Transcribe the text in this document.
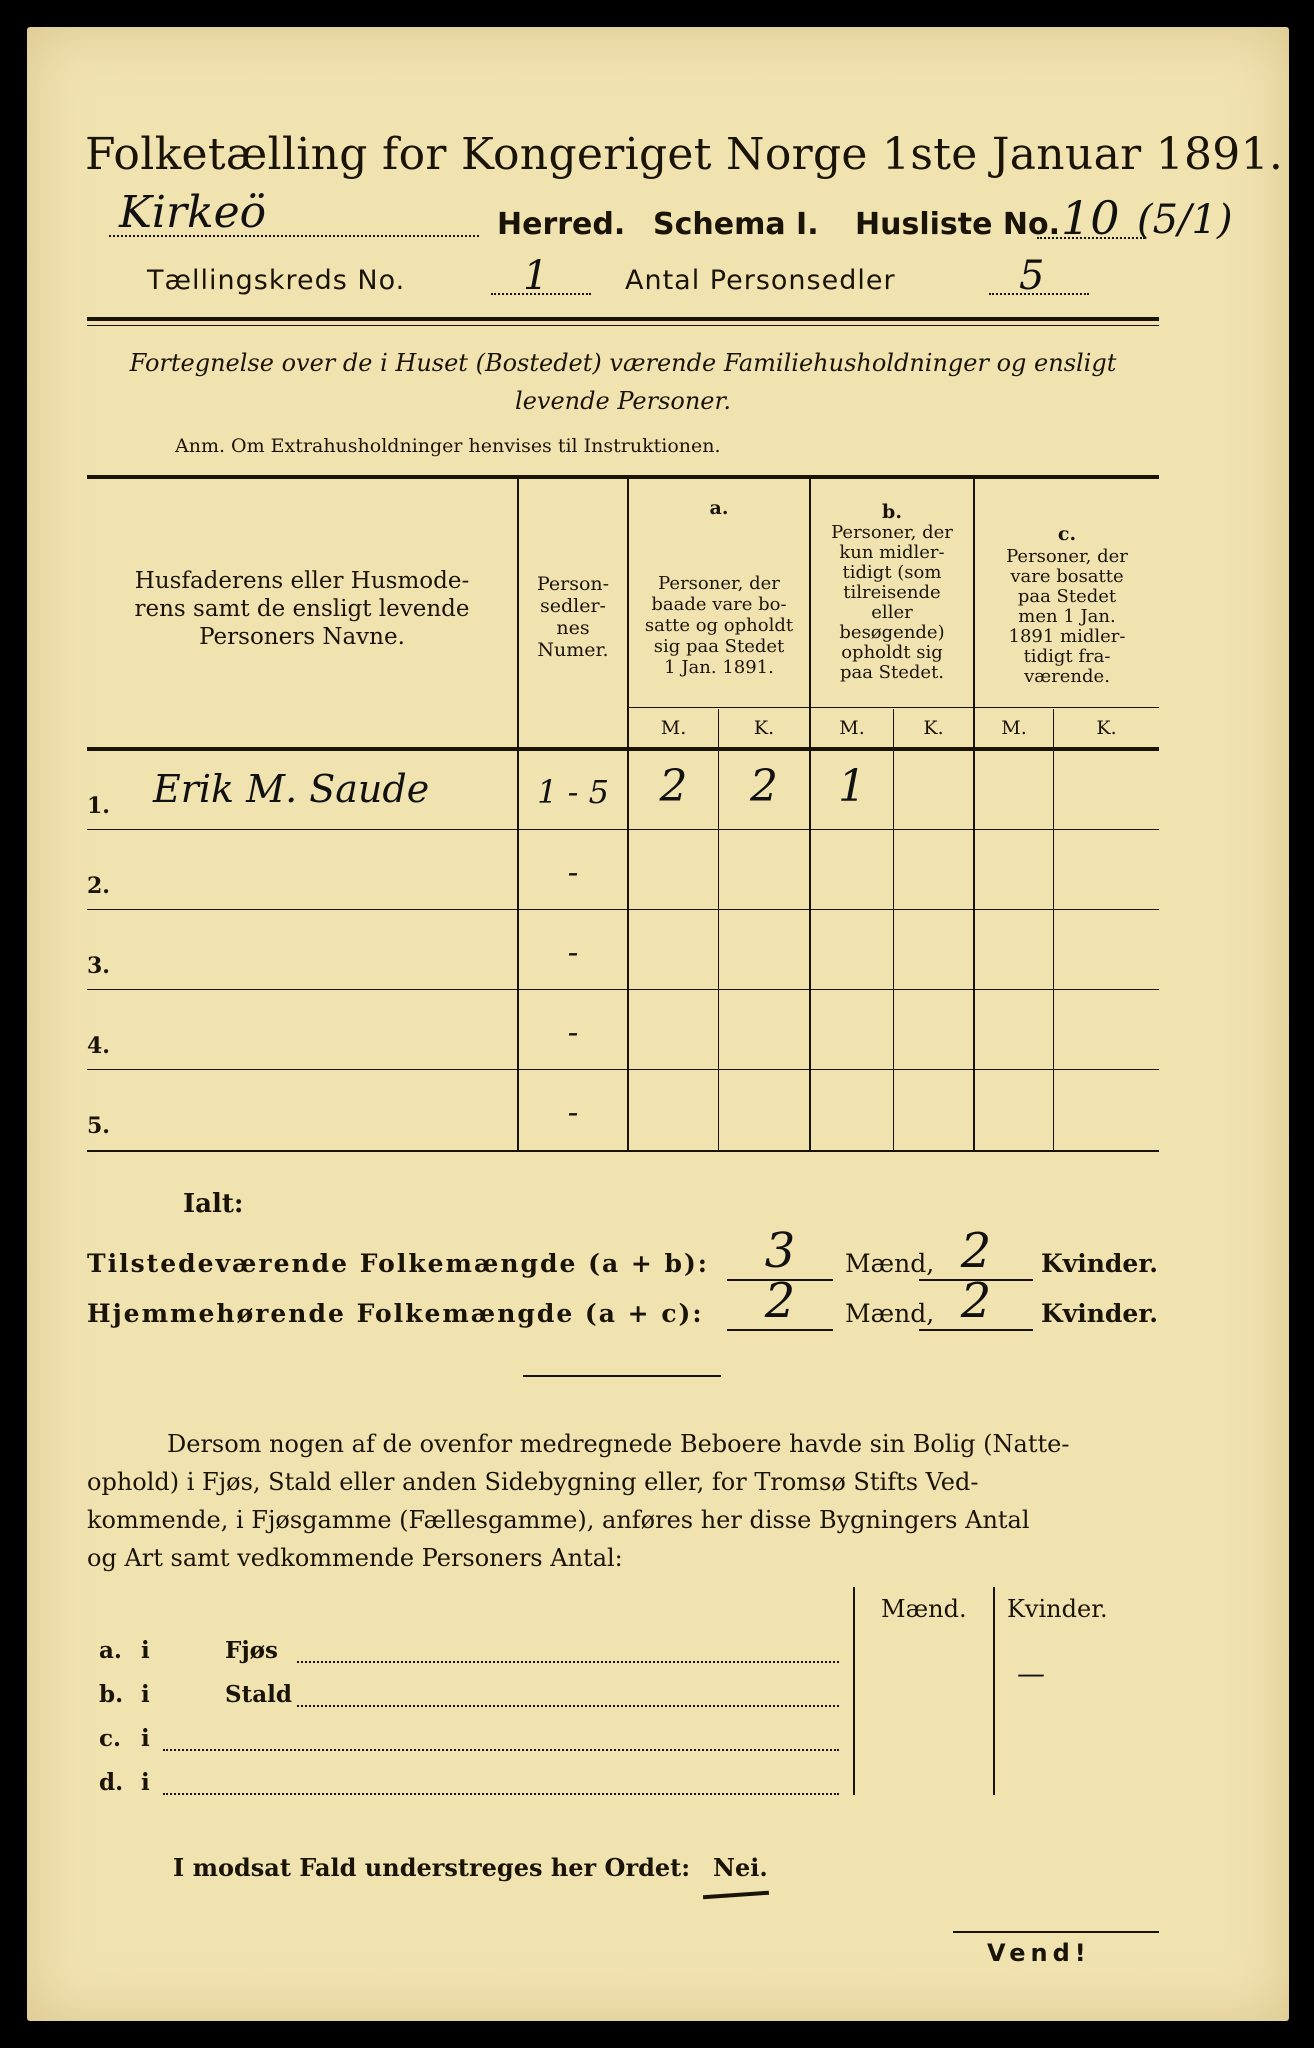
Folketælling for Kongeriget Norge 1ste Januar 1891.
Kirkeö	Herred. Schema I. Husliste No. 10 (5/1)
Tællingskreds No.	1	Antal Personsedler	5
Fortegnelse over de i Huset (Bostedet) værende Familiehusholdninger og ensligt
levende Personer.
Anm. Om Extrahusholdninger henvises til Instruktionen.
Husfaderens eller Husmode-
rens samt de ensligt levende
Personers Navne.
Person-
sedler-
nes
Numer.
a.
Personer, der
baade vare bo-
satte og opholdt
sig paa Stedet
1 Jan. 1891.
b.
Personer, der
kun midler-
tidigt (som
tilreisende
eller
besøgende)
opholdt sig
paa Stedet.
c.
Personer, der
vare bosatte
paa Stedet
men 1 Jan.
1891 midler-
tidigt fra-
værende.
M.	K.	M.	K.	M.	K.
1. Erik M. Saude	1 - 5	2	2	1
2.	-
3.	-
4.	-
5.	-
Ialt:
Tilstedeværende Folkemængde (a + b):	3	Mænd, 2	Kvinder.
Hjemmehørende Folkemængde (a + c):	2	Mænd, 2	Kvinder.
Dersom nogen af de ovenfor medregnede Beboere havde sin Bolig (Natte-
ophold) i Fjøs, Stald eller anden Sidebygning eller, for Tromsø Stifts Ved-
kommende, i Fjøsgamme (Fællesgamme), anføres her disse Bygningers Antal
og Art samt vedkommende Personers Antal:
Mænd. Kvinder.
—
a. i	Fjøs
b. i	Stald
c. i
d. i
I modsat Fald understreges her Ordet: Nei.
Vend!
